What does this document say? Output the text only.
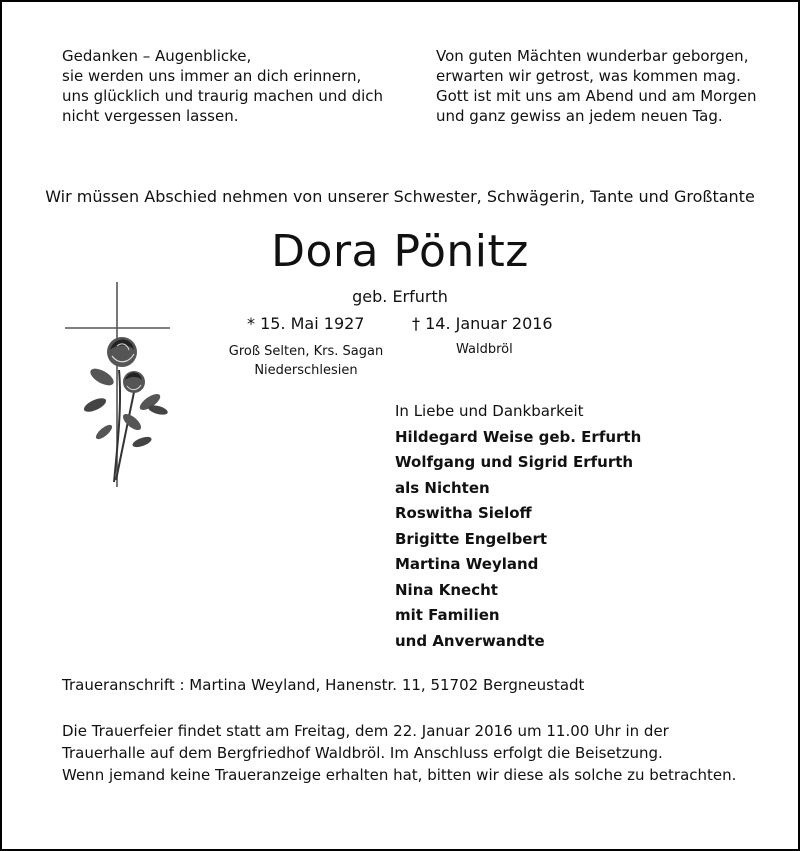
Gedanken – Augenblicke,
sie werden uns immer an dich erinnern,
uns glücklich und traurig machen und dich
nicht vergessen lassen.
Von guten Mächten wunderbar geborgen,
erwarten wir getrost, was kommen mag.
Gott ist mit uns am Abend und am Morgen
und ganz gewiss an jedem neuen Tag.
Wir müssen Abschied nehmen von unserer Schwester, Schwägerin, Tante und Großtante
Dora Pönitz
geb. Erfurth
* 15. Mai 1927	† 14. Januar 2016
Groß Selten, Krs. Sagan
Niederschlesien
Waldbröl
In Liebe und Dankbarkeit
Hildegard Weise geb. Erfurth
Wolfgang und Sigrid Erfurth
als Nichten
Roswitha Sieloff
Brigitte Engelbert
Martina Weyland
Nina Knecht
mit Familien
und Anverwandte
Traueranschrift : Martina Weyland, Hanenstr. 11, 51702 Bergneustadt
Die Trauerfeier findet statt am Freitag, dem 22. Januar 2016 um 11.00 Uhr in der
Trauerhalle auf dem Bergfriedhof Waldbröl. Im Anschluss erfolgt die Beisetzung.
Wenn jemand keine Traueranzeige erhalten hat, bitten wir diese als solche zu betrachten.
